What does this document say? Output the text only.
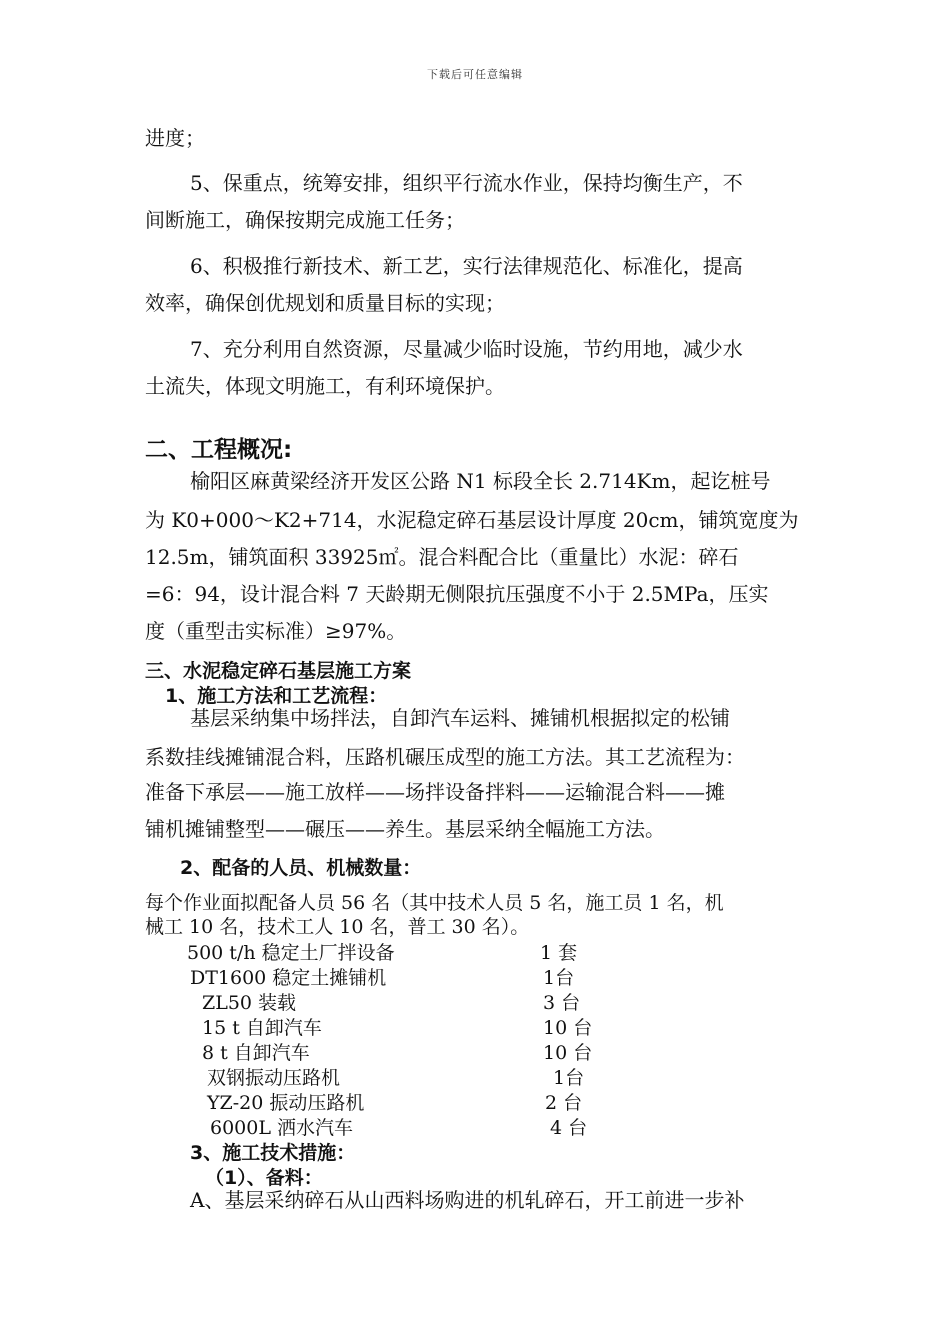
下载后可任意编辑
进度；
5、保重点，统筹安排，组织平行流水作业，保持均衡生产，不
间断施工，确保按期完成施工任务；
6、积极推行新技术、新工艺，实行法律规范化、标准化，提高
效率，确保创优规划和质量目标的实现；
7、充分利用自然资源，尽量减少临时设施，节约用地，减少水
土流失，体现文明施工，有利环境保护。
二、工程概况:
榆阳区麻黄梁经济开发区公路 N1 标段全长 2.714Km，起讫桩号
为 K0+000～K2+714，水泥稳定碎石基层设计厚度 20cm，铺筑宽度为
12.5m，铺筑面积 33925㎡。混合料配合比（重量比）水泥：碎石
=6：94，设计混合料 7 天龄期无侧限抗压强度不小于 2.5MPa，压实
度（重型击实标准）≥97%。
三、水泥稳定碎石基层施工方案
1、施工方法和工艺流程：
基层采纳集中场拌法，自卸汽车运料、摊铺机根据拟定的松铺
系数挂线摊铺混合料，压路机碾压成型的施工方法。其工艺流程为：
准备下承层——施工放样——场拌设备拌料——运输混合料——摊
铺机摊铺整型——碾压——养生。基层采纳全幅施工方法。
2、配备的人员、机械数量：
每个作业面拟配备人员 56 名（其中技术人员 5 名，施工员 1 名，机
械工 10 名，技术工人 10 名，普工 30 名）。
500 t/h 稳定土厂拌设备	1 套
DT1600 稳定土摊铺机	1台
ZL50 装载	3 台
15 t 自卸汽车	10 台
8 t 自卸汽车	10 台
双钢振动压路机	1台
YZ-20 振动压路机	2 台
6000L 洒水汽车	4 台
3、施工技术措施：
（1）、备料：
A、基层采纳碎石从山西料场购进的机轧碎石，开工前进一步补
